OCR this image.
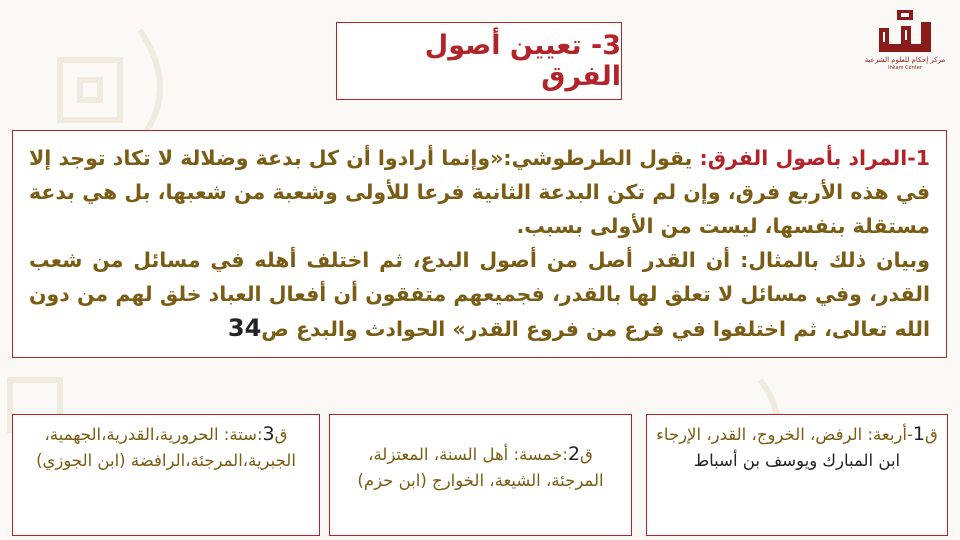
مركز إحكام للعلوم الشرعية
Ihkam Center
3- تعيين أصول الفرق

1-المراد بأصول الفرق: يقول الطرطوشي:«وإنما أرادوا أن كل بدعة وضلالة لا تكاد توجد إلا في هذه الأربع فرق، وإن لم تكن البدعة الثانية فرعا للأولى وشعبة من شعبها، بل هي بدعة مستقلة بنفسها، ليست من الأولى بسبب.

وبيان ذلك بالمثال: أن القدر أصل من أصول البدع، ثم اختلف أهله في مسائل من شعب القدر، وفي مسائل لا تعلق لها بالقدر، فجميعهم متفقون أن أفعال العباد خلق لهم من دون الله تعالى، ثم اختلفوا في فرع من فروع القدر» الحوادث والبدع ص34

ق1-أربعة: الرفض، الخروج، القدر، الإرجاء
ابن المبارك ويوسف بن أسباط
ق2:خمسة: أهل السنة، المعتزلة، المرجئة، الشيعة، الخوارج (ابن حزم)
ق3:ستة: الحرورية،القدرية،الجهمية، الجبرية،المرجئة،الرافضة (ابن الجوزي)
